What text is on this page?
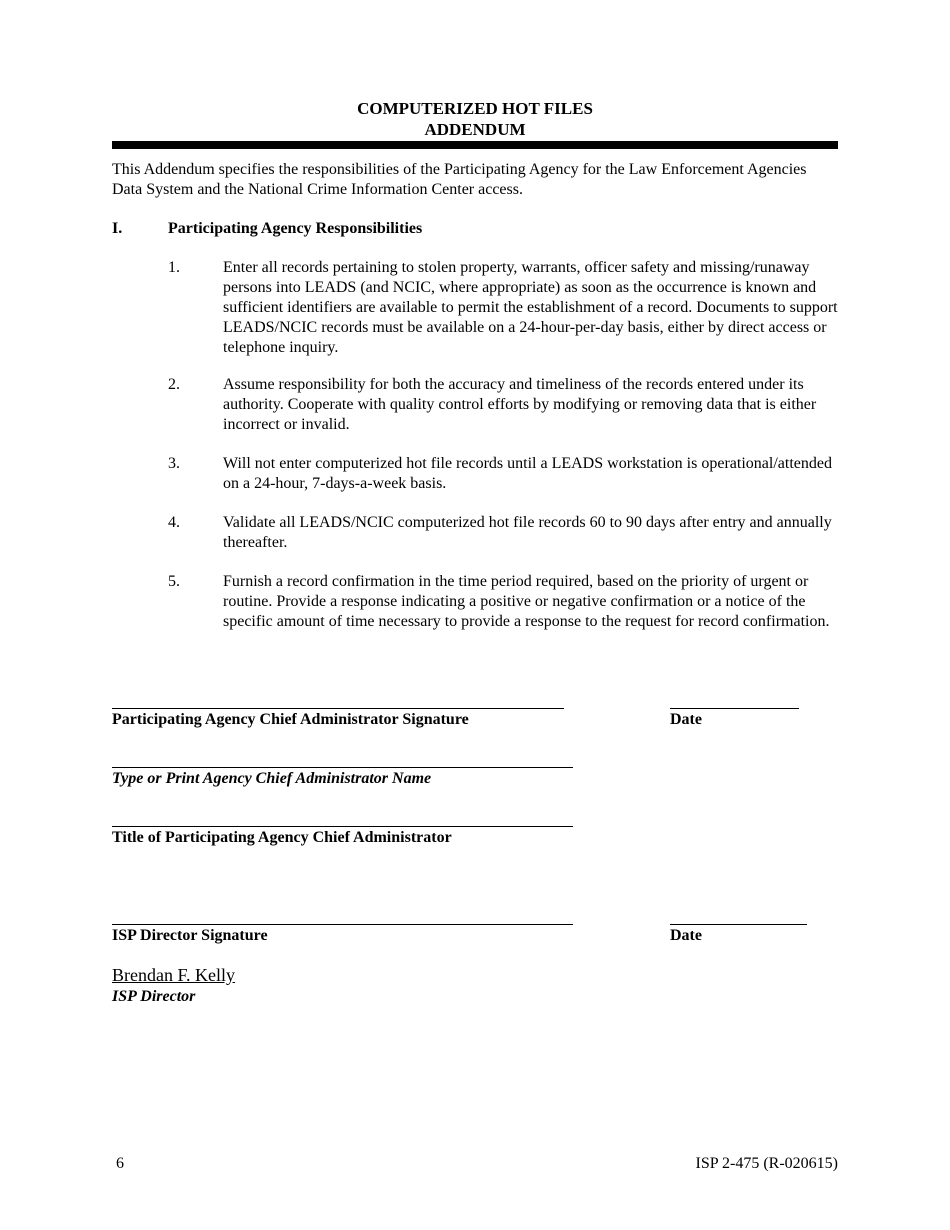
COMPUTERIZED HOT FILES
ADDENDUM
This Addendum specifies the responsibilities of the Participating Agency for the Law Enforcement Agencies Data System and the National Crime Information Center access.
I.	Participating Agency Responsibilities
1.	Enter all records pertaining to stolen property, warrants, officer safety and missing/runaway persons into LEADS (and NCIC, where appropriate) as soon as the occurrence is known and sufficient identifiers are available to permit the establishment of a record. Documents to support LEADS/NCIC records must be available on a 24-hour-per-day basis, either by direct access or telephone inquiry.
2.	Assume responsibility for both the accuracy and timeliness of the records entered under its authority. Cooperate with quality control efforts by modifying or removing data that is either incorrect or invalid.
3.	Will not enter computerized hot file records until a LEADS workstation is operational/attended on a 24-hour, 7-days-a-week basis.
4.	Validate all LEADS/NCIC computerized hot file records 60 to 90 days after entry and annually thereafter.
5.	Furnish a record confirmation in the time period required, based on the priority of urgent or routine. Provide a response indicating a positive or negative confirmation or a notice of the specific amount of time necessary to provide a response to the request for record confirmation.
Participating Agency Chief Administrator Signature	Date
Type or Print Agency Chief Administrator Name
Title of Participating Agency Chief Administrator
ISP Director Signature	Date
Brendan F. Kelly
ISP Director
6	ISP 2-475 (R-020615)
